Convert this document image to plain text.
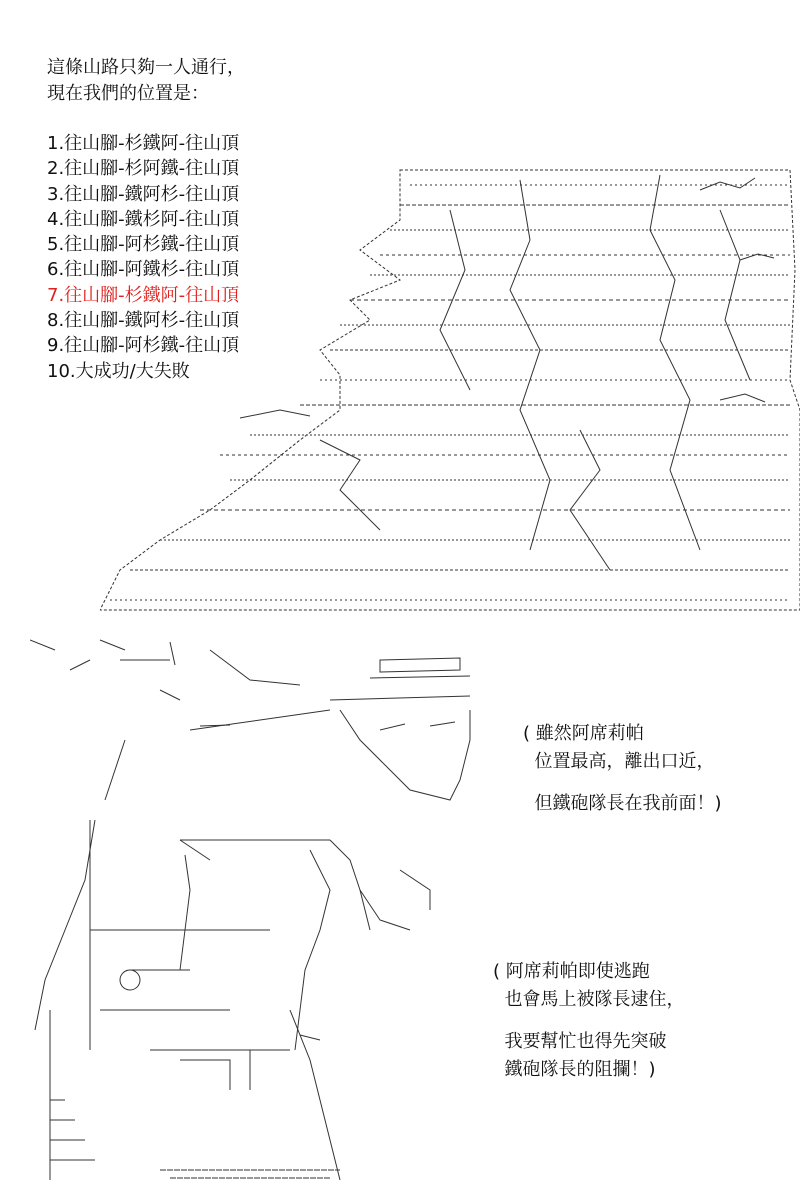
這條山路只夠一人通行，
現在我們的位置是：
1.往山腳-杉鐵阿-往山頂
2.往山腳-杉阿鐵-往山頂
3.往山腳-鐵阿杉-往山頂
4.往山腳-鐵杉阿-往山頂
5.往山腳-阿杉鐵-往山頂
6.往山腳-阿鐵杉-往山頂
7.往山腳-杉鐵阿-往山頂
8.往山腳-鐵阿杉-往山頂
9.往山腳-阿杉鐵-往山頂
10.大成功/大失敗
( 雖然阿席莉帕
位置最高，離出口近，
但鐵砲隊長在我前面！)
( 阿席莉帕即使逃跑
也會馬上被隊長逮住，
我要幫忙也得先突破
鐵砲隊長的阻攔！)
